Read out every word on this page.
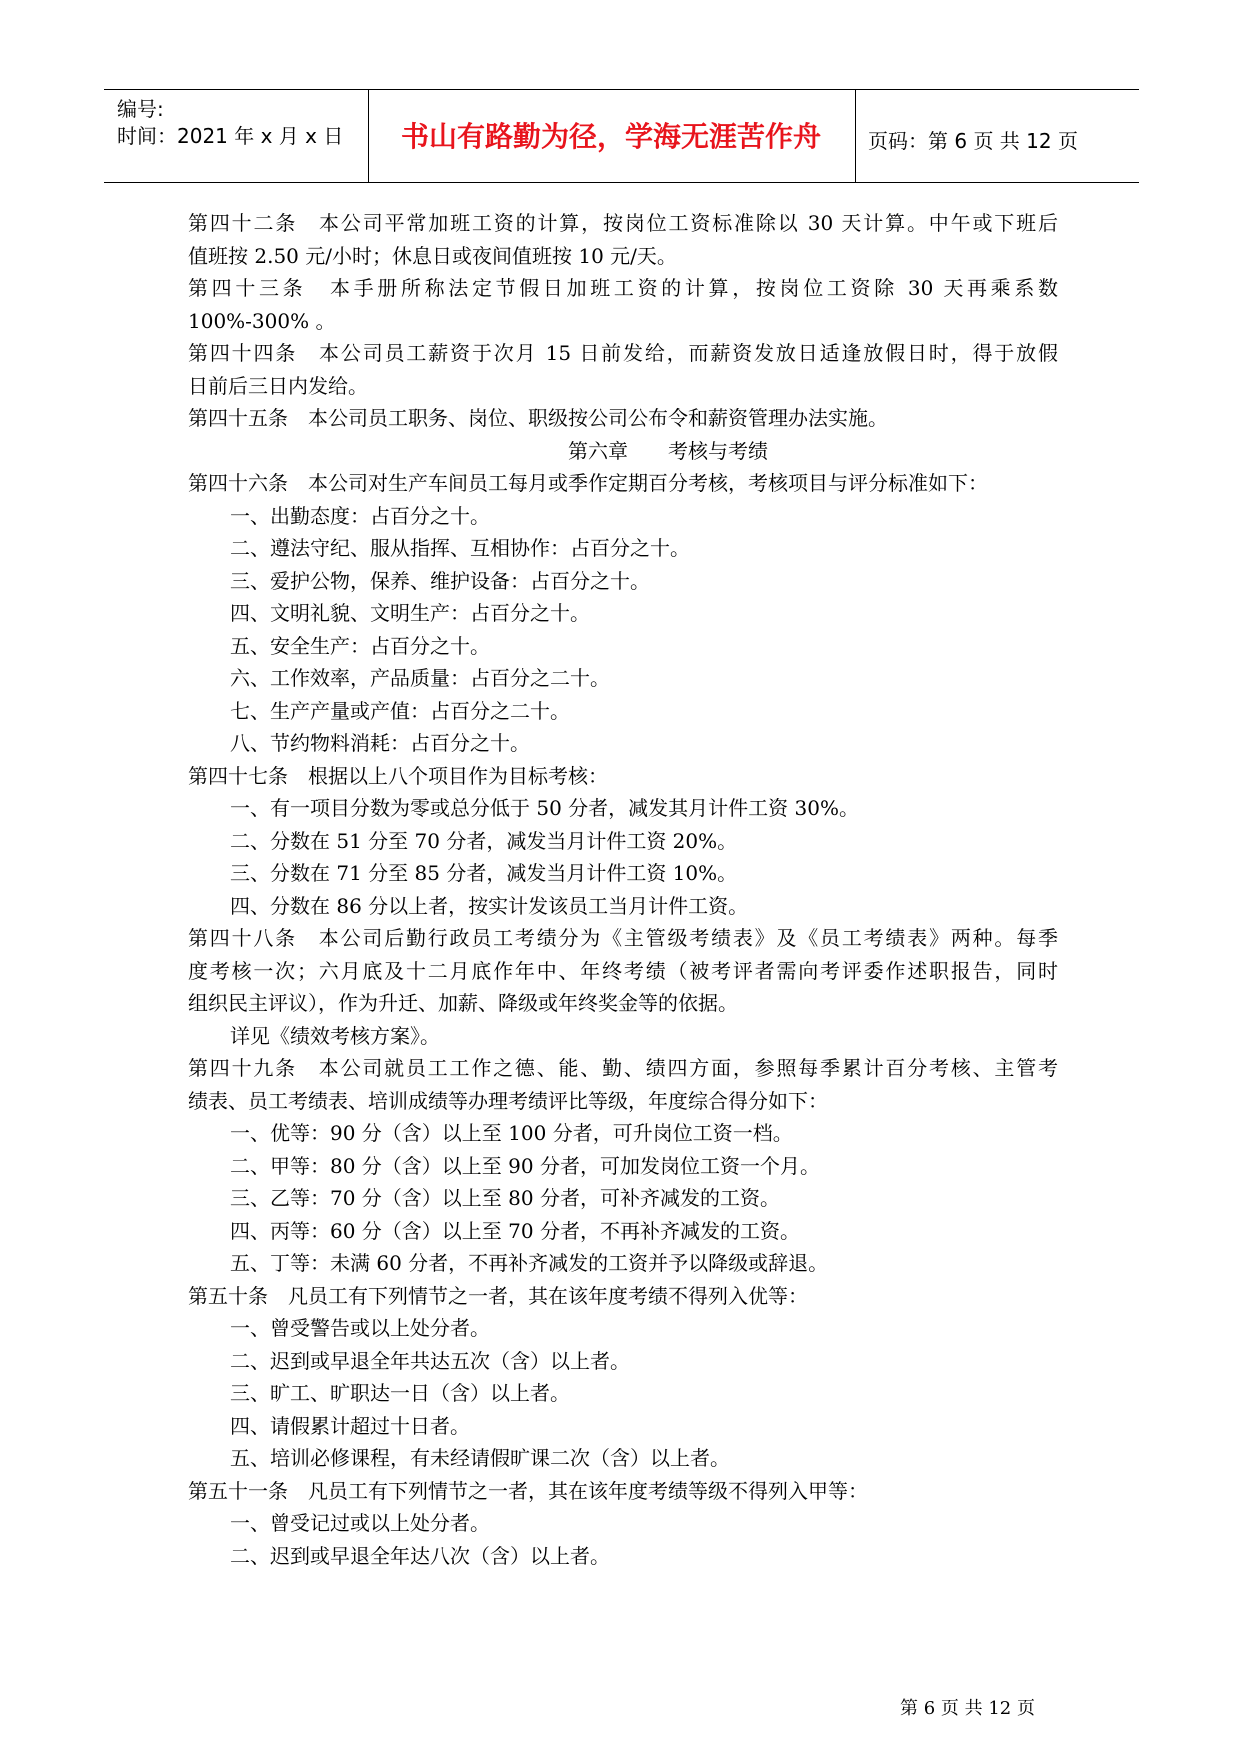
编号:
时间：2021 年 x 月 x 日	书山有路勤为径，学海无涯苦作舟	页码：第 6 页 共 12 页
第四十二条　本公司平常加班工资的计算，按岗位工资标准除以 30 天计算。中午或下班后
值班按 2.50 元/小时；休息日或夜间值班按 10 元/天。
第四十三条　本手册所称法定节假日加班工资的计算，按岗位工资除 30 天再乘系数
100%-300% 。
第四十四条　本公司员工薪资于次月 15 日前发给，而薪资发放日适逢放假日时，得于放假
日前后三日内发给。
第四十五条　本公司员工职务、岗位、职级按公司公布令和薪资管理办法实施。
第六章　　考核与考绩
第四十六条　本公司对生产车间员工每月或季作定期百分考核，考核项目与评分标准如下：
一、出勤态度：占百分之十。
二、遵法守纪、服从指挥、互相协作：占百分之十。
三、爱护公物，保养、维护设备：占百分之十。
四、文明礼貌、文明生产：占百分之十。
五、安全生产：占百分之十。
六、工作效率，产品质量：占百分之二十。
七、生产产量或产值：占百分之二十。
八、节约物料消耗：占百分之十。
第四十七条　根据以上八个项目作为目标考核：
一、有一项目分数为零或总分低于 50 分者，减发其月计件工资 30%。
二、分数在 51 分至 70 分者，减发当月计件工资 20%。
三、分数在 71 分至 85 分者，减发当月计件工资 10%。
四、分数在 86 分以上者，按实计发该员工当月计件工资。
第四十八条　本公司后勤行政员工考绩分为《主管级考绩表》及《员工考绩表》两种。每季
度考核一次；六月底及十二月底作年中、年终考绩（被考评者需向考评委作述职报告，同时
组织民主评议），作为升迁、加薪、降级或年终奖金等的依据。
详见《绩效考核方案》。
第四十九条　本公司就员工工作之德、能、勤、绩四方面，参照每季累计百分考核、主管考
绩表、员工考绩表、培训成绩等办理考绩评比等级，年度综合得分如下：
一、优等：90 分（含）以上至 100 分者，可升岗位工资一档。
二、甲等：80 分（含）以上至 90 分者，可加发岗位工资一个月。
三、乙等：70 分（含）以上至 80 分者，可补齐减发的工资。
四、丙等：60 分（含）以上至 70 分者，不再补齐减发的工资。
五、丁等：未满 60 分者，不再补齐减发的工资并予以降级或辞退。
第五十条　凡员工有下列情节之一者，其在该年度考绩不得列入优等：
一、曾受警告或以上处分者。
二、迟到或早退全年共达五次（含）以上者。
三、旷工、旷职达一日（含）以上者。
四、请假累计超过十日者。
五、培训必修课程，有未经请假旷课二次（含）以上者。
第五十一条　凡员工有下列情节之一者，其在该年度考绩等级不得列入甲等：
一、曾受记过或以上处分者。
二、迟到或早退全年达八次（含）以上者。
第 6 页 共 12 页
